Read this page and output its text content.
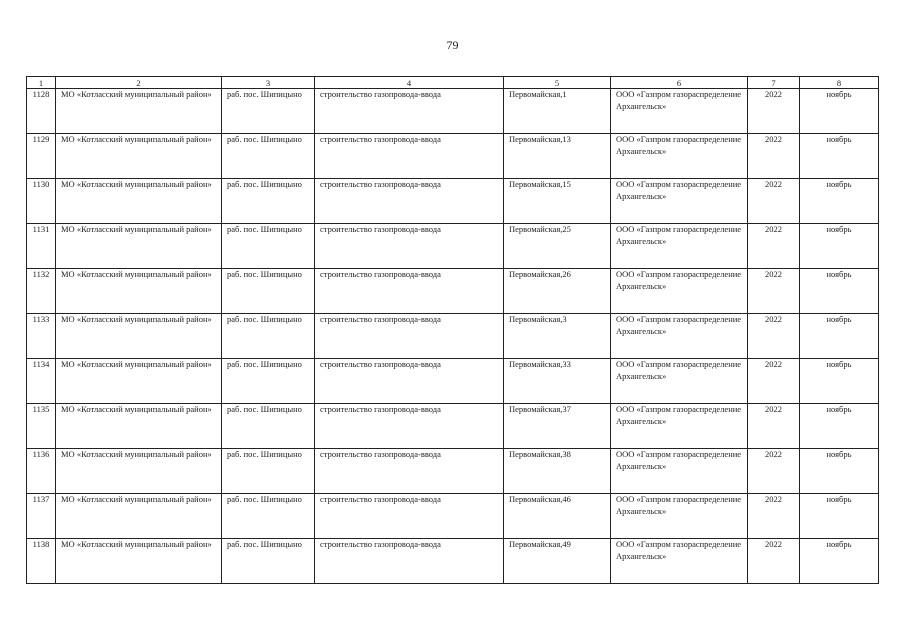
79
1	2	3	4	5	6	7	8
1128	МО «Котласский муниципальный район»	раб. пос. Шипицыно	строительство газопровода-ввода	Первомайская,1	ООО «Газпром газораспределение Архангельск»	2022	ноябрь
1129	МО «Котласский муниципальный район»	раб. пос. Шипицыно	строительство газопровода-ввода	Первомайская,13	ООО «Газпром газораспределение Архангельск»	2022	ноябрь
1130	МО «Котласский муниципальный район»	раб. пос. Шипицыно	строительство газопровода-ввода	Первомайская,15	ООО «Газпром газораспределение Архангельск»	2022	ноябрь
1131	МО «Котласский муниципальный район»	раб. пос. Шипицыно	строительство газопровода-ввода	Первомайская,25	ООО «Газпром газораспределение Архангельск»	2022	ноябрь
1132	МО «Котласский муниципальный район»	раб. пос. Шипицыно	строительство газопровода-ввода	Первомайская,26	ООО «Газпром газораспределение Архангельск»	2022	ноябрь
1133	МО «Котласский муниципальный район»	раб. пос. Шипицыно	строительство газопровода-ввода	Первомайская,3	ООО «Газпром газораспределение Архангельск»	2022	ноябрь
1134	МО «Котласский муниципальный район»	раб. пос. Шипицыно	строительство газопровода-ввода	Первомайская,33	ООО «Газпром газораспределение Архангельск»	2022	ноябрь
1135	МО «Котласский муниципальный район»	раб. пос. Шипицыно	строительство газопровода-ввода	Первомайская,37	ООО «Газпром газораспределение Архангельск»	2022	ноябрь
1136	МО «Котласский муниципальный район»	раб. пос. Шипицыно	строительство газопровода-ввода	Первомайская,38	ООО «Газпром газораспределение Архангельск»	2022	ноябрь
1137	МО «Котласский муниципальный район»	раб. пос. Шипицыно	строительство газопровода-ввода	Первомайская,46	ООО «Газпром газораспределение Архангельск»	2022	ноябрь
1138	МО «Котласский муниципальный район»	раб. пос. Шипицыно	строительство газопровода-ввода	Первомайская,49	ООО «Газпром газораспределение Архангельск»	2022	ноябрь
